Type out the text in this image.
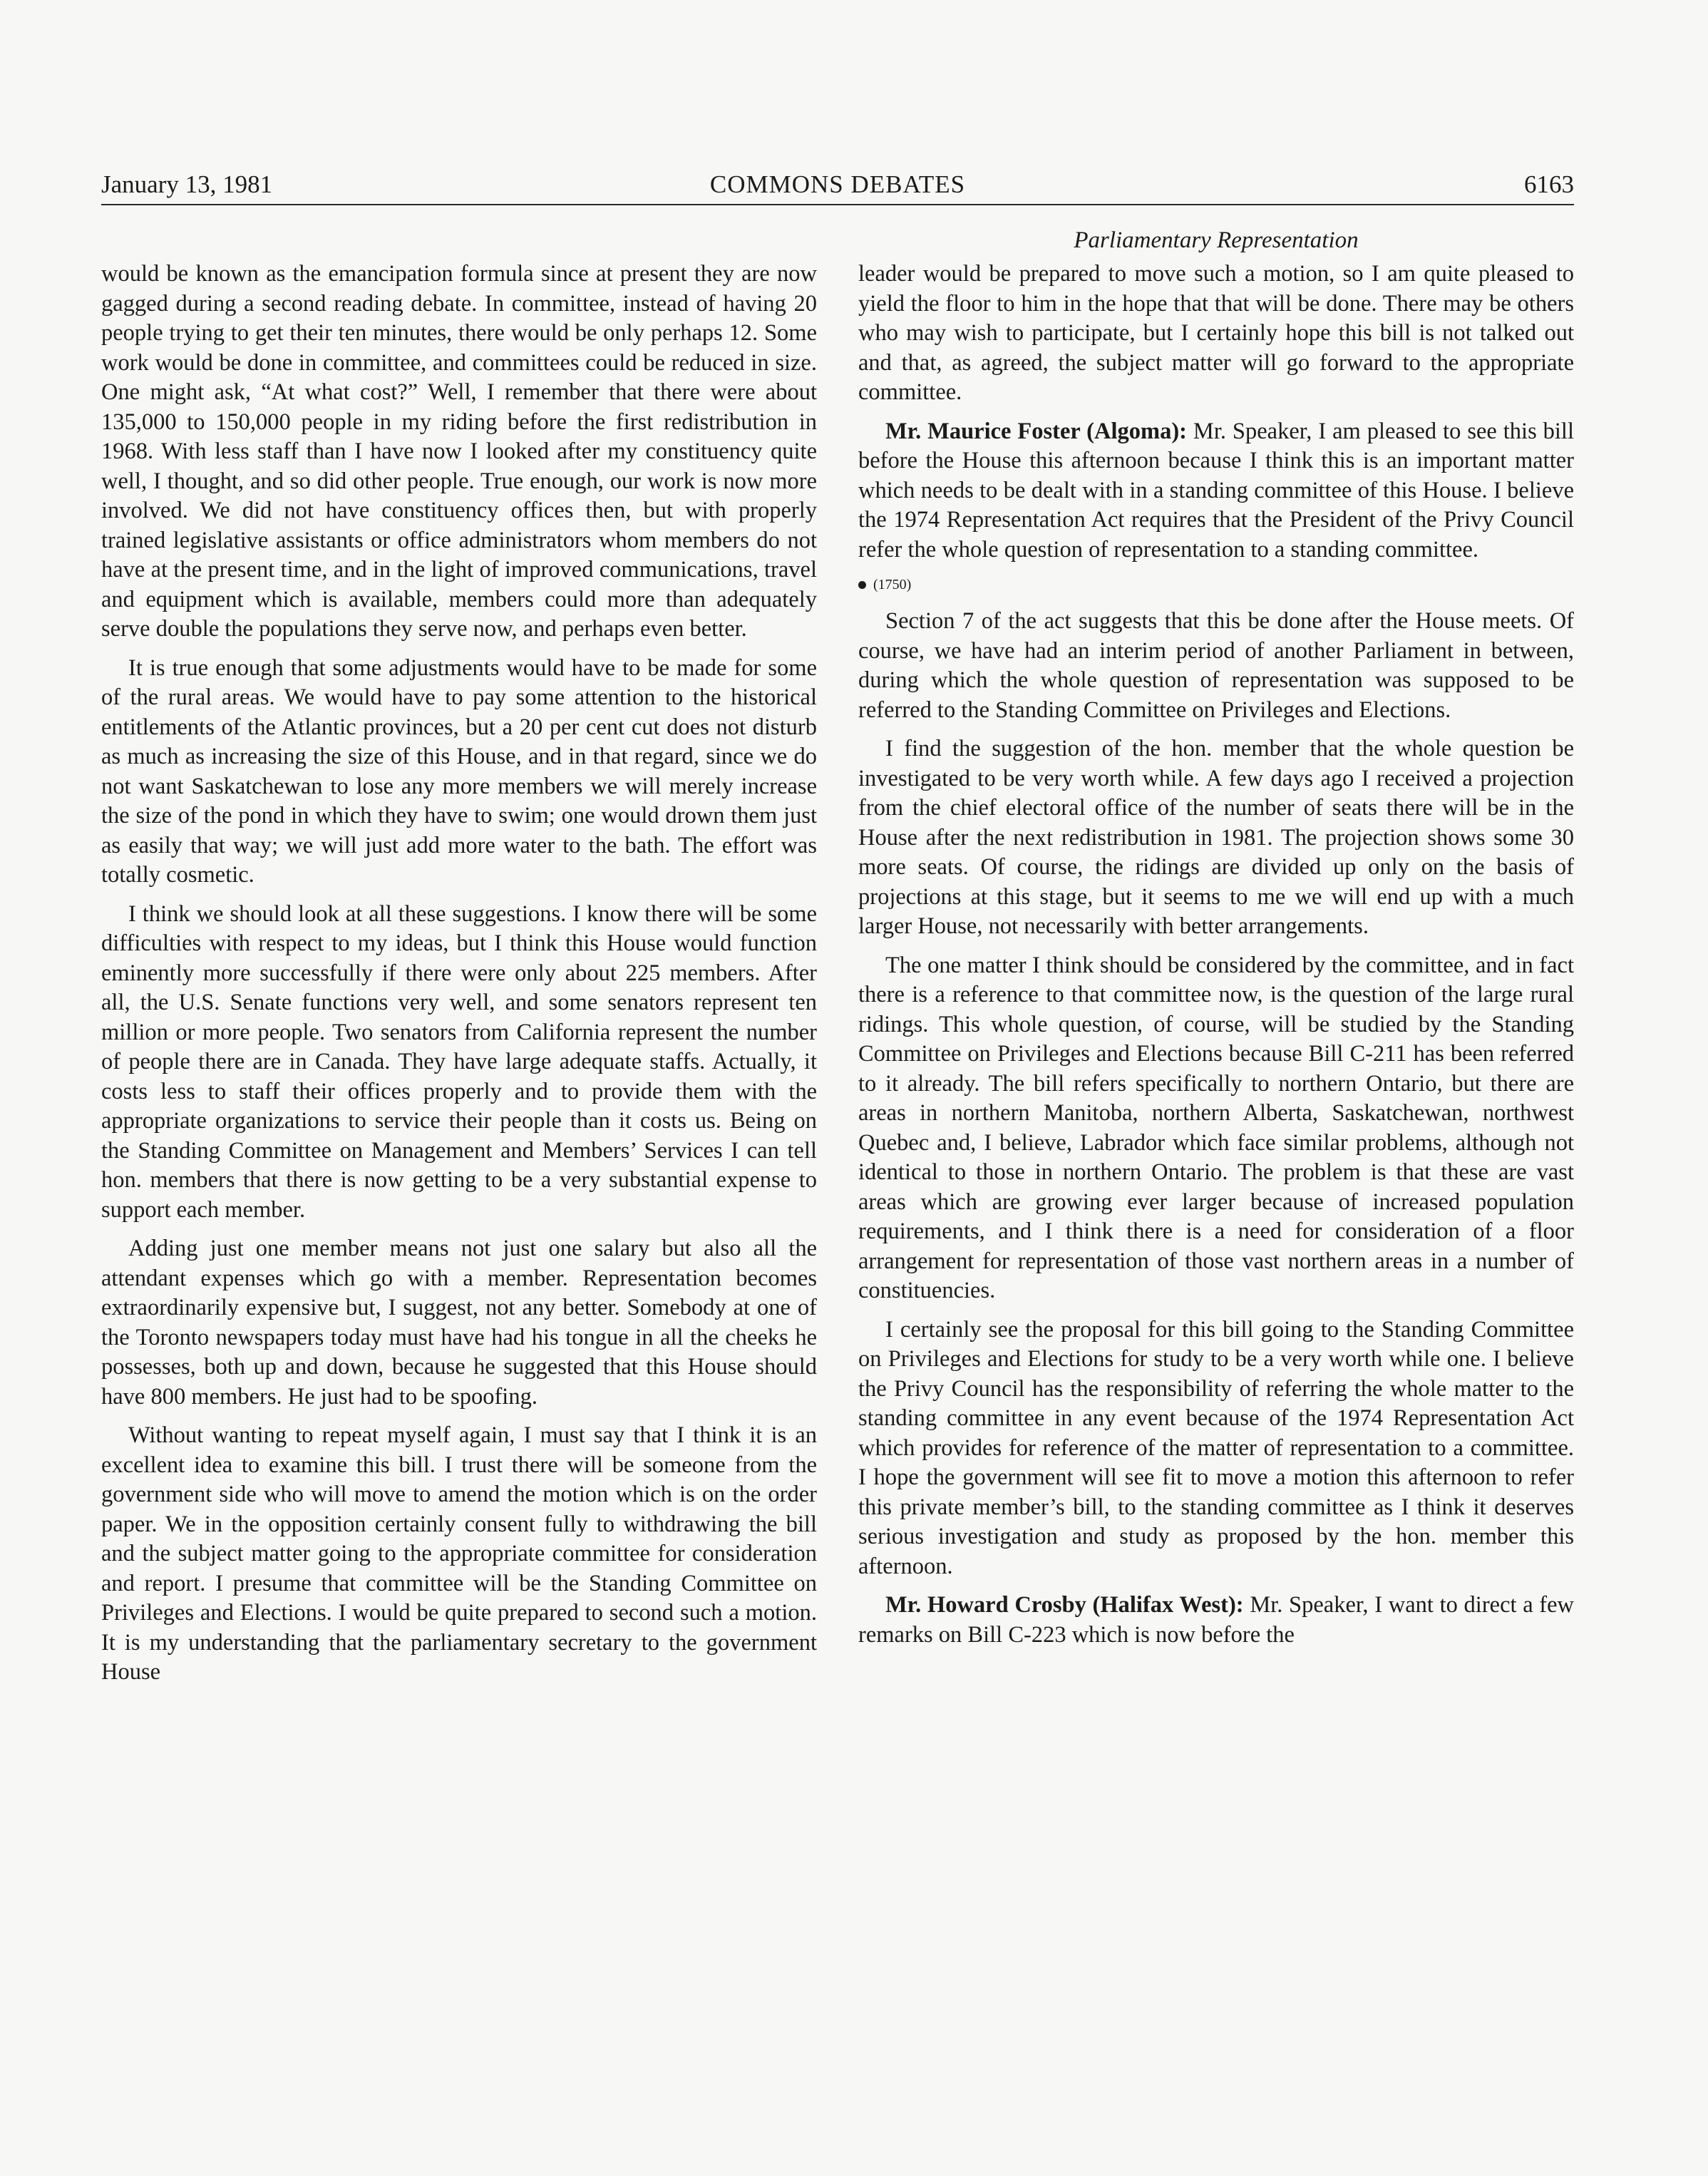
January 13, 1981	COMMONS DEBATES	6163
Parliamentary Representation

would be known as the emancipation formula since at present they are now gagged during a second reading debate. In committee, instead of having 20 people trying to get their ten minutes, there would be only perhaps 12. Some work would be done in committee, and committees could be reduced in size. One might ask, “At what cost?” Well, I remember that there were about 135,000 to 150,000 people in my riding before the first redistribution in 1968. With less staff than I have now I looked after my constituency quite well, I thought, and so did other people. True enough, our work is now more involved. We did not have constituency offices then, but with properly trained legislative assistants or office administrators whom members do not have at the present time, and in the light of improved communications, travel and equipment which is available, members could more than adequately serve double the populations they serve now, and perhaps even better.

It is true enough that some adjustments would have to be made for some of the rural areas. We would have to pay some attention to the historical entitlements of the Atlantic provinces, but a 20 per cent cut does not disturb as much as increasing the size of this House, and in that regard, since we do not want Saskatchewan to lose any more members we will merely increase the size of the pond in which they have to swim; one would drown them just as easily that way; we will just add more water to the bath. The effort was totally cosmetic.

I think we should look at all these suggestions. I know there will be some difficulties with respect to my ideas, but I think this House would function eminently more successfully if there were only about 225 members. After all, the U.S. Senate functions very well, and some senators represent ten million or more people. Two senators from California represent the number of people there are in Canada. They have large adequate staffs. Actually, it costs less to staff their offices properly and to provide them with the appropriate organizations to service their people than it costs us. Being on the Standing Committee on Management and Members’ Services I can tell hon. members that there is now getting to be a very substantial expense to support each member.

Adding just one member means not just one salary but also all the attendant expenses which go with a member. Representation becomes extraordinarily expensive but, I suggest, not any better. Somebody at one of the Toronto newspapers today must have had his tongue in all the cheeks he possesses, both up and down, because he suggested that this House should have 800 members. He just had to be spoofing.

Without wanting to repeat myself again, I must say that I think it is an excellent idea to examine this bill. I trust there will be someone from the government side who will move to amend the motion which is on the order paper. We in the opposition certainly consent fully to withdrawing the bill and the subject matter going to the appropriate committee for consideration and report. I presume that committee will be the Standing Committee on Privileges and Elections. I would be quite prepared to second such a motion. It is my understanding that the parliamentary secretary to the government House

leader would be prepared to move such a motion, so I am quite pleased to yield the floor to him in the hope that that will be done. There may be others who may wish to participate, but I certainly hope this bill is not talked out and that, as agreed, the subject matter will go forward to the appropriate committee.

Mr. Maurice Foster (Algoma): Mr. Speaker, I am pleased to see this bill before the House this afternoon because I think this is an important matter which needs to be dealt with in a standing committee of this House. I believe the 1974 Representation Act requires that the President of the Privy Council refer the whole question of representation to a standing committee.

(1750)

Section 7 of the act suggests that this be done after the House meets. Of course, we have had an interim period of another Parliament in between, during which the whole question of representation was supposed to be referred to the Standing Committee on Privileges and Elections.

I find the suggestion of the hon. member that the whole question be investigated to be very worth while. A few days ago I received a projection from the chief electoral office of the number of seats there will be in the House after the next redistribution in 1981. The projection shows some 30 more seats. Of course, the ridings are divided up only on the basis of projections at this stage, but it seems to me we will end up with a much larger House, not necessarily with better arrangements.

The one matter I think should be considered by the committee, and in fact there is a reference to that committee now, is the question of the large rural ridings. This whole question, of course, will be studied by the Standing Committee on Privileges and Elections because Bill C-211 has been referred to it already. The bill refers specifically to northern Ontario, but there are areas in northern Manitoba, northern Alberta, Saskatchewan, northwest Quebec and, I believe, Labrador which face similar problems, although not identical to those in northern Ontario. The problem is that these are vast areas which are growing ever larger because of increased population requirements, and I think there is a need for consideration of a floor arrangement for representation of those vast northern areas in a number of constituencies.

I certainly see the proposal for this bill going to the Standing Committee on Privileges and Elections for study to be a very worth while one. I believe the Privy Council has the responsibility of referring the whole matter to the standing committee in any event because of the 1974 Representation Act which provides for reference of the matter of representation to a committee. I hope the government will see fit to move a motion this afternoon to refer this private member’s bill, to the standing committee as I think it deserves serious investigation and study as proposed by the hon. member this afternoon.

Mr. Howard Crosby (Halifax West): Mr. Speaker, I want to direct a few remarks on Bill C-223 which is now before the
